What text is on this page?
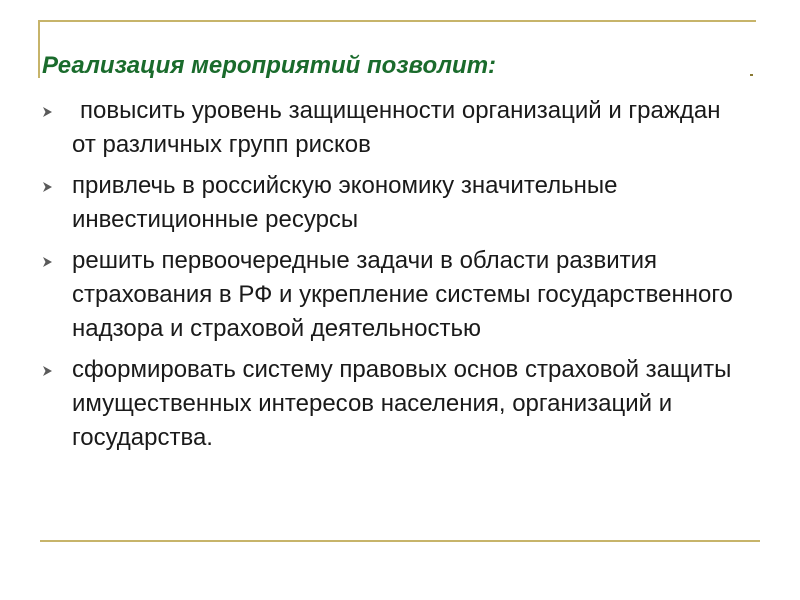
Реализация мероприятий позволит:
повысить уровень защищенности организаций и граждан от различных групп рисков
привлечь в российскую экономику значительные инвестиционные ресурсы
решить первоочередные задачи в области развития страхования в РФ и укрепление системы государственного надзора и страховой деятельностью
сформировать систему правовых основ страховой защиты имущественных интересов населения, организаций и государства.
